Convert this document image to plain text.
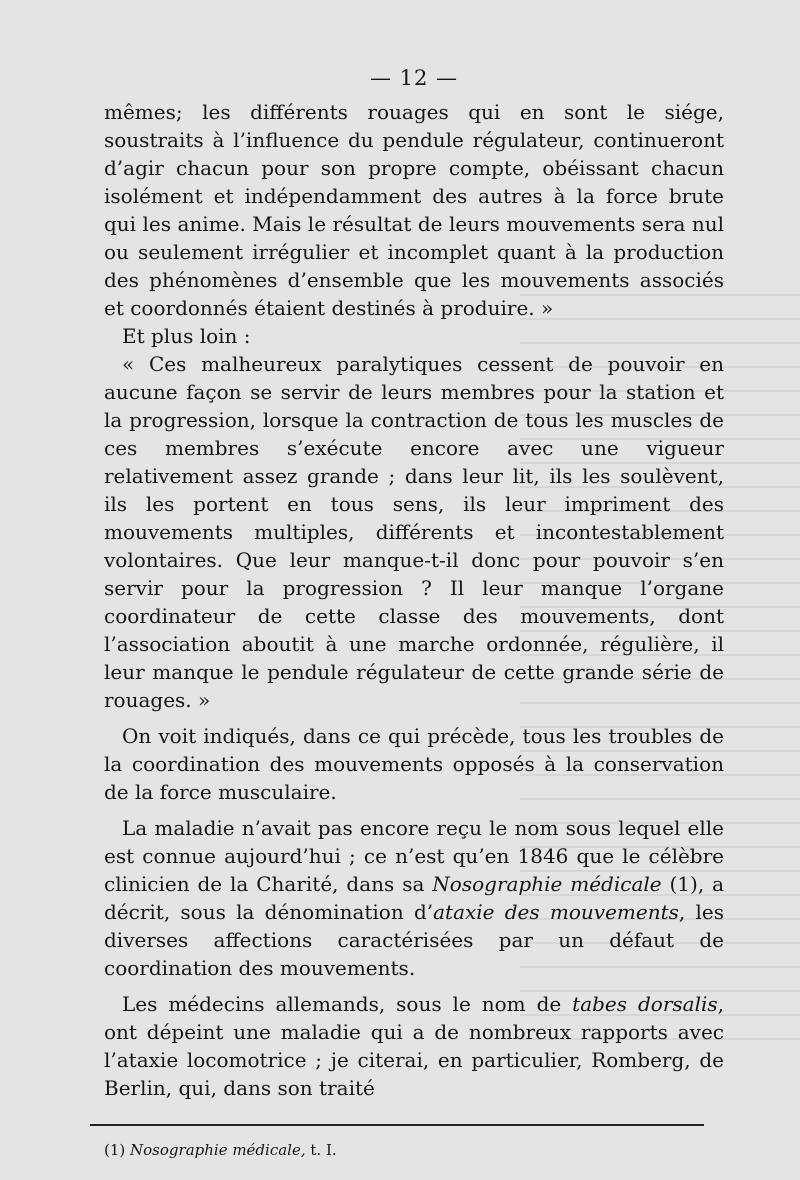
— 12 —

mêmes; les différents rouages qui en sont le siége, soustraits à l’influence du pendule régulateur, continueront d’agir chacun pour son propre compte, obéissant chacun isolément et indépendamment des autres à la force brute qui les anime. Mais le résultat de leurs mouvements sera nul ou seulement irrégulier et incomplet quant à la production des phénomènes d’ensemble que les mouvements associés et coordonnés étaient destinés à produire. »

Et plus loin :

« Ces malheureux paralytiques cessent de pouvoir en aucune façon se servir de leurs membres pour la station et la progression, lorsque la contraction de tous les muscles de ces membres s’exécute encore avec une vigueur relativement assez grande ; dans leur lit, ils les soulèvent, ils les portent en tous sens, ils leur impriment des mouvements multiples, différents et incontestablement volontaires. Que leur manque-t-il donc pour pouvoir s’en servir pour la progression ? Il leur manque l’organe coordinateur de cette classe des mouvements, dont l’association aboutit à une marche ordonnée, régulière, il leur manque le pendule régulateur de cette grande série de rouages. »

On voit indiqués, dans ce qui précède, tous les troubles de la coordination des mouvements opposés à la conservation de la force musculaire.

La maladie n’avait pas encore reçu le nom sous lequel elle est connue aujourd’hui ; ce n’est qu’en 1846 que le célèbre clinicien de la Charité, dans sa Nosographie médicale (1), a décrit, sous la dénomination d’ataxie des mouvements, les diverses affections caractérisées par un défaut de coordination des mouvements.

Les médecins allemands, sous le nom de tabes dorsalis, ont dépeint une maladie qui a de nombreux rapports avec l’ataxie locomotrice ; je citerai, en particulier, Romberg, de Berlin, qui, dans son traité

(1) Nosographie médicale, t. I.
